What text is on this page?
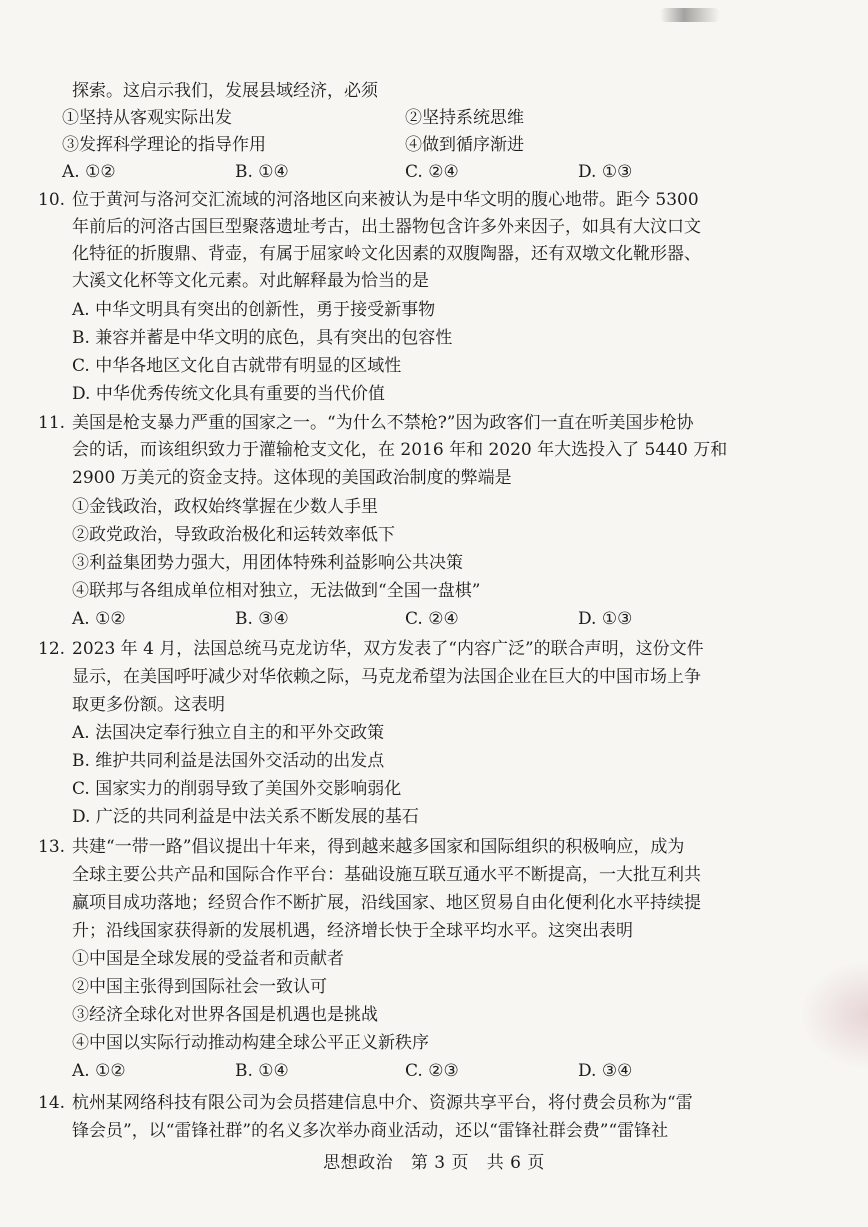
探索。这启示我们，发展县域经济，必须
①坚持从客观实际出发	②坚持系统思维
③发挥科学理论的指导作用	④做到循序渐进
A. ①②	B. ①④	C. ②④	D. ①③
10. 位于黄河与洛河交汇流域的河洛地区向来被认为是中华文明的腹心地带。距今 5300
年前后的河洛古国巨型聚落遗址考古，出土器物包含许多外来因子，如具有大汶口文
化特征的折腹鼎、背壶，有属于屈家岭文化因素的双腹陶器，还有双墩文化靴形器、
大溪文化杯等文化元素。对此解释最为恰当的是
A. 中华文明具有突出的创新性，勇于接受新事物
B. 兼容并蓄是中华文明的底色，具有突出的包容性
C. 中华各地区文化自古就带有明显的区域性
D. 中华优秀传统文化具有重要的当代价值
11. 美国是枪支暴力严重的国家之一。“为什么不禁枪?”因为政客们一直在听美国步枪协
会的话，而该组织致力于灌输枪支文化，在 2016 年和 2020 年大选投入了 5440 万和
2900 万美元的资金支持。这体现的美国政治制度的弊端是
①金钱政治，政权始终掌握在少数人手里
②政党政治，导致政治极化和运转效率低下
③利益集团势力强大，用团体特殊利益影响公共决策
④联邦与各组成单位相对独立，无法做到“全国一盘棋”
A. ①②	B. ③④	C. ②④	D. ①③
12. 2023 年 4 月，法国总统马克龙访华，双方发表了“内容广泛”的联合声明，这份文件
显示，在美国呼吁减少对华依赖之际，马克龙希望为法国企业在巨大的中国市场上争
取更多份额。这表明
A. 法国决定奉行独立自主的和平外交政策
B. 维护共同利益是法国外交活动的出发点
C. 国家实力的削弱导致了美国外交影响弱化
D. 广泛的共同利益是中法关系不断发展的基石
13. 共建“一带一路”倡议提出十年来，得到越来越多国家和国际组织的积极响应，成为
全球主要公共产品和国际合作平台：基础设施互联互通水平不断提高，一大批互利共
赢项目成功落地；经贸合作不断扩展，沿线国家、地区贸易自由化便利化水平持续提
升；沿线国家获得新的发展机遇，经济增长快于全球平均水平。这突出表明
①中国是全球发展的受益者和贡献者
②中国主张得到国际社会一致认可
③经济全球化对世界各国是机遇也是挑战
④中国以实际行动推动构建全球公平正义新秩序
A. ①②	B. ①④	C. ②③	D. ③④
14. 杭州某网络科技有限公司为会员搭建信息中介、资源共享平台，将付费会员称为“雷
锋会员”，以“雷锋社群”的名义多次举办商业活动，还以“雷锋社群会费”“雷锋社
思想政治   第 3 页   共 6 页
